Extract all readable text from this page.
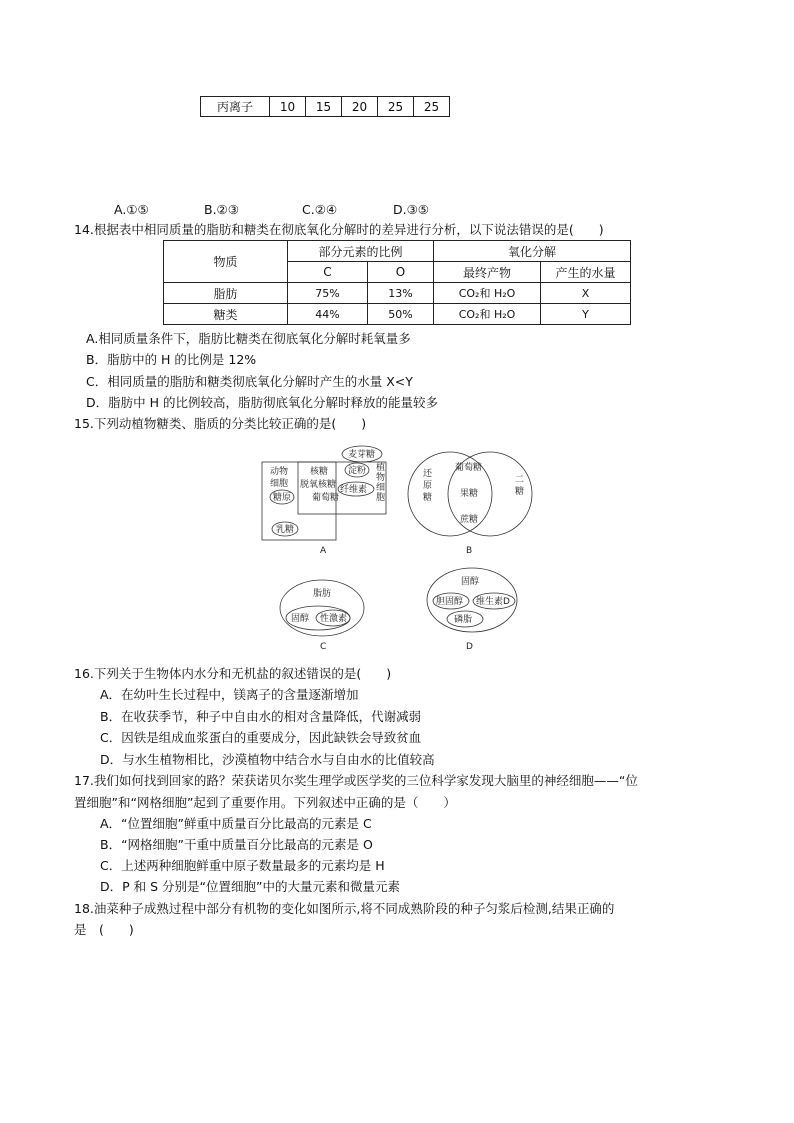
丙离子	10	15	20	25	25
A.①⑤	B.②③	C.②④	D.③⑤
14.根据表中相同质量的脂肪和糖类在彻底氧化分解时的差异进行分析，以下说法错误的是(　　)
物质	部分元素的比例		氧化分解	
	C	O	最终产物	产生的水量
脂肪	75%	13%	CO₂和 H₂O	X
糖类	44%	50%	CO₂和 H₂O	Y
A.相同质量条件下，脂肪比糖类在彻底氧化分解时耗氧量多
B．脂肪中的 H 的比例是 12%
C．相同质量的脂肪和糖类彻底氧化分解时产生的水量 X<Y
D．脂肪中 H 的比例较高，脂肪彻底氧化分解时释放的能量较多
15.下列动植物糖类、脂质的分类比较正确的是(　　)
动物
细胞
植
物
细
胞
核糖
脱氧核糖
葡萄糖
麦芽糖
淀粉
纤维素
糖原
乳糖
A
还
原
糖
二
糖
葡萄糖
果糖
蔗糖
B
脂肪
固醇 性激素
C
固醇
胆固醇 维生素D
磷脂
D
16.下列关于生物体内水分和无机盐的叙述错误的是(　　)
A．在幼叶生长过程中，镁离子的含量逐渐增加
B．在收获季节，种子中自由水的相对含量降低，代谢减弱
C．因铁是组成血浆蛋白的重要成分，因此缺铁会导致贫血
D．与水生植物相比，沙漠植物中结合水与自由水的比值较高
17.我们如何找到回家的路？荣获诺贝尔奖生理学或医学奖的三位科学家发现大脑里的神经细胞——“位
置细胞”和“网格细胞”起到了重要作用。下列叙述中正确的是（　　）
A．“位置细胞”鲜重中质量百分比最高的元素是 C
B．“网格细胞”干重中质量百分比最高的元素是 O
C．上述两种细胞鲜重中原子数量最多的元素均是 H
D．P 和 S 分别是“位置细胞”中的大量元素和微量元素
18.油菜种子成熟过程中部分有机物的变化如图所示,将不同成熟阶段的种子匀浆后检测,结果正确的
是　(　　)
